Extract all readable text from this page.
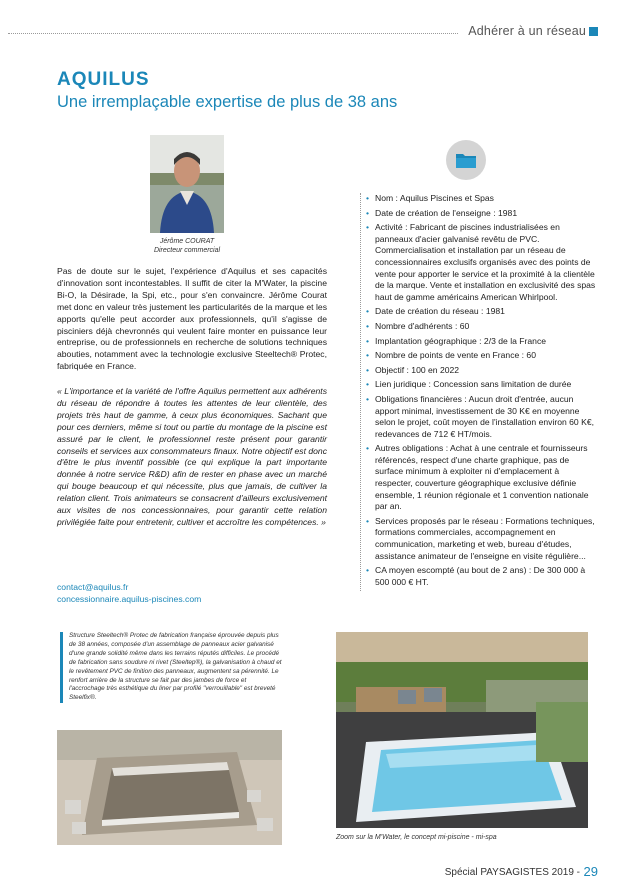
Adhérer à un réseau
AQUILUS
Une irremplaçable expertise de plus de 38 ans
Jérôme COURAT
Directeur commercial

Pas de doute sur le sujet, l'expérience d'Aquilus et ses capacités d'innovation sont incontestables. Il suffit de citer la M'Water, la piscine Bi-O, la Désirade, la Spi, etc., pour s'en convaincre. Jérôme Courat met donc en valeur très justement les particularités de la marque et les apports qu'elle peut accorder aux professionnels, qu'il s'agisse de pisciniers déjà chevronnés qui veulent faire monter en puissance leur entreprise, ou de professionnels en recherche de solutions techniques abouties, notamment avec la technologie exclusive Steeltech® Protec, fabriquée en France.

« L'importance et la variété de l'offre Aquilus permettent aux adhérents du réseau de répondre à toutes les attentes de leur clientèle, des projets très haut de gamme, à ceux plus économiques. Sachant que pour ces derniers, même si tout ou partie du montage de la piscine est assuré par le client, le professionnel reste présent pour garantir conseils et services aux consommateurs finaux. Notre objectif est donc d'être le plus inventif possible (ce qui explique la part importante donnée à notre service R&D) afin de rester en phase avec un marché qui bouge beaucoup et qui nécessite, plus que jamais, de cultiver la relation client. Trois animateurs se consacrent d'ailleurs exclusivement aux visites de nos concessionnaires, pour garantir cette relation privilégiée faite pour entretenir, cultiver et accroître les compétences. »

contact@aquilus.fr
concessionnaire.aquilus-piscines.com
• Nom : Aquilus Piscines et Spas
• Date de création de l'enseigne : 1981
• Activité : Fabricant de piscines industrialisées en panneaux d'acier galvanisé revêtu de PVC. Commercialisation et installation par un réseau de concessionnaires exclusifs organisés avec des points de vente pour apporter le service et la proximité à la clientèle de la marque. Vente et installation en exclusivité des spas haut de gamme américains American Whirlpool.
• Date de création du réseau : 1981
• Nombre d'adhérents : 60
• Implantation géographique : 2/3 de la France
• Nombre de points de vente en France : 60
• Objectif : 100 en 2022
• Lien juridique : Concession sans limitation de durée
• Obligations financières : Aucun droit d'entrée, aucun apport minimal, investissement de 30 K€ en moyenne selon le projet, coût moyen de l'installation environ 60 K€, redevances de 712 € HT/mois.
• Autres obligations : Achat à une centrale et fournisseurs référencés, respect d'une charte graphique, pas de surface minimum à exploiter ni d'emplacement à respecter, couverture géographique exclusive définie ensemble, 1 réunion régionale et 1 convention nationale par an.
• Services proposés par le réseau : Formations techniques, formations commerciales, accompagnement en communication, marketing et web, bureau d'études, assistance animateur de l'enseigne en visite régulière...
• CA moyen escompté (au bout de 2 ans) : De 300 000 à 500 000 € HT.

Structure Steeltech® Protec de fabrication française éprouvée depuis plus de 38 années, composée d'un assemblage de panneaux acier galvanisé d'une grande solidité même dans les terrains réputés difficiles. Le procédé de fabrication sans soudure ni rivet (Steeltep®), la galvanisation à chaud et le revêtement PVC de finition des panneaux, augmentent sa pérennité. Le renfort arrière de la structure se fait par des jambes de force et l'accrochage très esthétique du liner par profilé "verrouillable" est breveté Steelfix®.

Zoom sur la M'Water, le concept mi-piscine - mi-spa
Spécial PAYSAGISTES 2019 - 29
